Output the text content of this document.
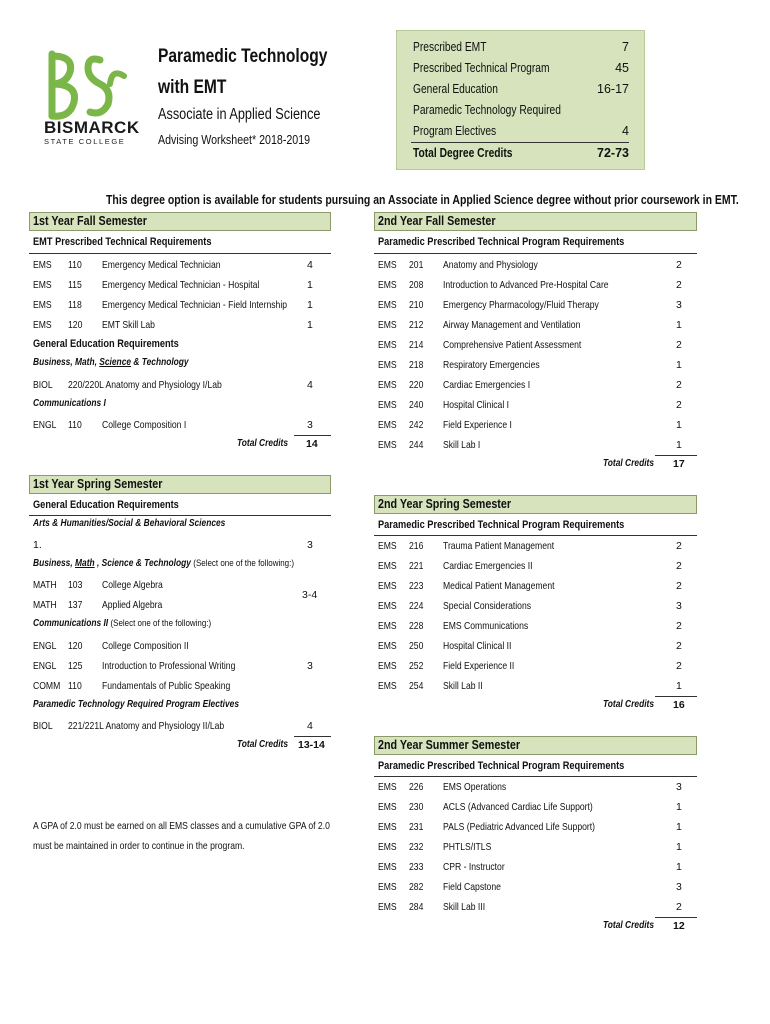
BISMARCK
STATE COLLEGE
Paramedic Technology
with EMT
Associate in Applied Science
Advising Worksheet* 2018-2019
Prescribed EMT	7
Prescribed Technical Program	45
General Education	16-17
Paramedic Technology Required
Program Electives	4
Total Degree Credits	72-73
This degree option is available for students pursuing an Associate in Applied Science degree without prior coursework in EMT.
1st Year Fall Semester
EMT Prescribed Technical Requirements
EMS 110 Emergency Medical Technician	4
EMS 115 Emergency Medical Technician - Hospital	1
EMS 118 Emergency Medical Technician - Field Internship 1
EMS 120 EMT Skill Lab	1
General Education Requirements
Business, Math, Science & Technology
BIOL 220/220L Anatomy and Physiology I/Lab	4
Communications I
ENGL 110 College Composition I	3
Total Credits 14
1st Year Spring Semester
General Education Requirements
Arts & Humanities/Social & Behavioral Sciences
1.	3
Business, Math , Science & Technology (Select one of the following:)
MATH 103 College Algebra
MATH 137 Applied Algebra
3-4
Communications II (Select one of the following:)
ENGL 120 College Composition II
ENGL 125 Introduction to Professional Writing	3
COMM 110 Fundamentals of Public Speaking
Paramedic Technology Required Program Electives
BIOL 221/221L Anatomy and Physiology II/Lab	4
Total Credits 13-14
A GPA of 2.0 must be earned on all EMS classes and a cumulative GPA of 2.0
must be maintained in order to continue in the program.
2nd Year Fall Semester
Paramedic Prescribed Technical Program Requirements
EMS 201 Anatomy and Physiology	2
EMS 208 Introduction to Advanced Pre-Hospital Care	2
EMS 210 Emergency Pharmacology/Fluid Therapy	3
EMS 212 Airway Management and Ventilation	1
EMS 214 Comprehensive Patient Assessment	2
EMS 218 Respiratory Emergencies	1
EMS 220 Cardiac Emergencies I	2
EMS 240 Hospital Clinical I	2
EMS 242 Field Experience I	1
EMS 244 Skill Lab I	1
Total Credits 17
2nd Year Spring Semester
Paramedic Prescribed Technical Program Requirements
EMS 216 Trauma Patient Management	2
EMS 221 Cardiac Emergencies II	2
EMS 223 Medical Patient Management	2
EMS 224 Special Considerations	3
EMS 228 EMS Communications	2
EMS 250 Hospital Clinical II	2
EMS 252 Field Experience II	2
EMS 254 Skill Lab II	1
Total Credits 16
2nd Year Summer Semester
Paramedic Prescribed Technical Program Requirements
EMS 226 EMS Operations	3
EMS 230 ACLS (Advanced Cardiac Life Support)	1
EMS 231 PALS (Pediatric Advanced Life Support)	1
EMS 232 PHTLS/ITLS	1
EMS 233 CPR - Instructor	1
EMS 282 Field Capstone	3
EMS 284 Skill Lab III	2
Total Credits 12
